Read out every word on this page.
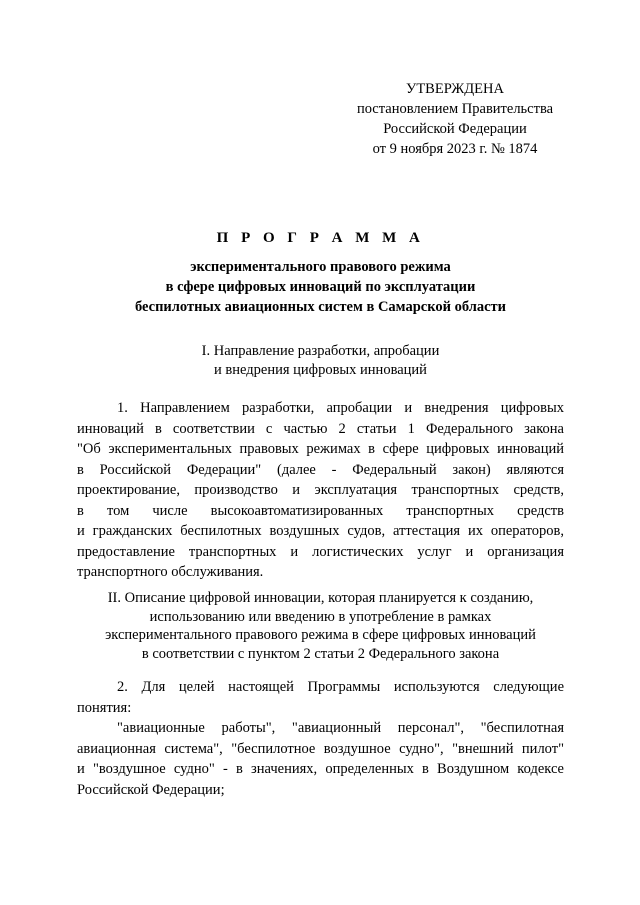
УТВЕРЖДЕНА
постановлением Правительства
Российской Федерации
от 9 ноября 2023 г. № 1874
П Р О Г Р А М М А
экспериментального правового режима
в сфере цифровых инноваций по эксплуатации
беспилотных авиационных систем в Самарской области
I. Направление разработки, апробации
и внедрения цифровых инноваций
1. Направлением разработки, апробации и внедрения цифровых
инноваций в соответствии с частью 2 статьи 1 Федерального закона
"Об экспериментальных правовых режимах в сфере цифровых инноваций
в Российской Федерации" (далее - Федеральный закон) являются
проектирование, производство и эксплуатация транспортных средств,
в том числе высокоавтоматизированных транспортных средств
и гражданских беспилотных воздушных судов, аттестация их операторов,
предоставление транспортных и логистических услуг и организация
транспортного обслуживания.
II. Описание цифровой инновации, которая планируется к созданию,
использованию или введению в употребление в рамках
экспериментального правового режима в сфере цифровых инноваций
в соответствии с пунктом 2 статьи 2 Федерального закона
2. Для целей настоящей Программы используются следующие
понятия:
"авиационные работы", "авиационный персонал", "беспилотная
авиационная система", "беспилотное воздушное судно", "внешний пилот"
и "воздушное судно" - в значениях, определенных в Воздушном кодексе
Российской Федерации;
